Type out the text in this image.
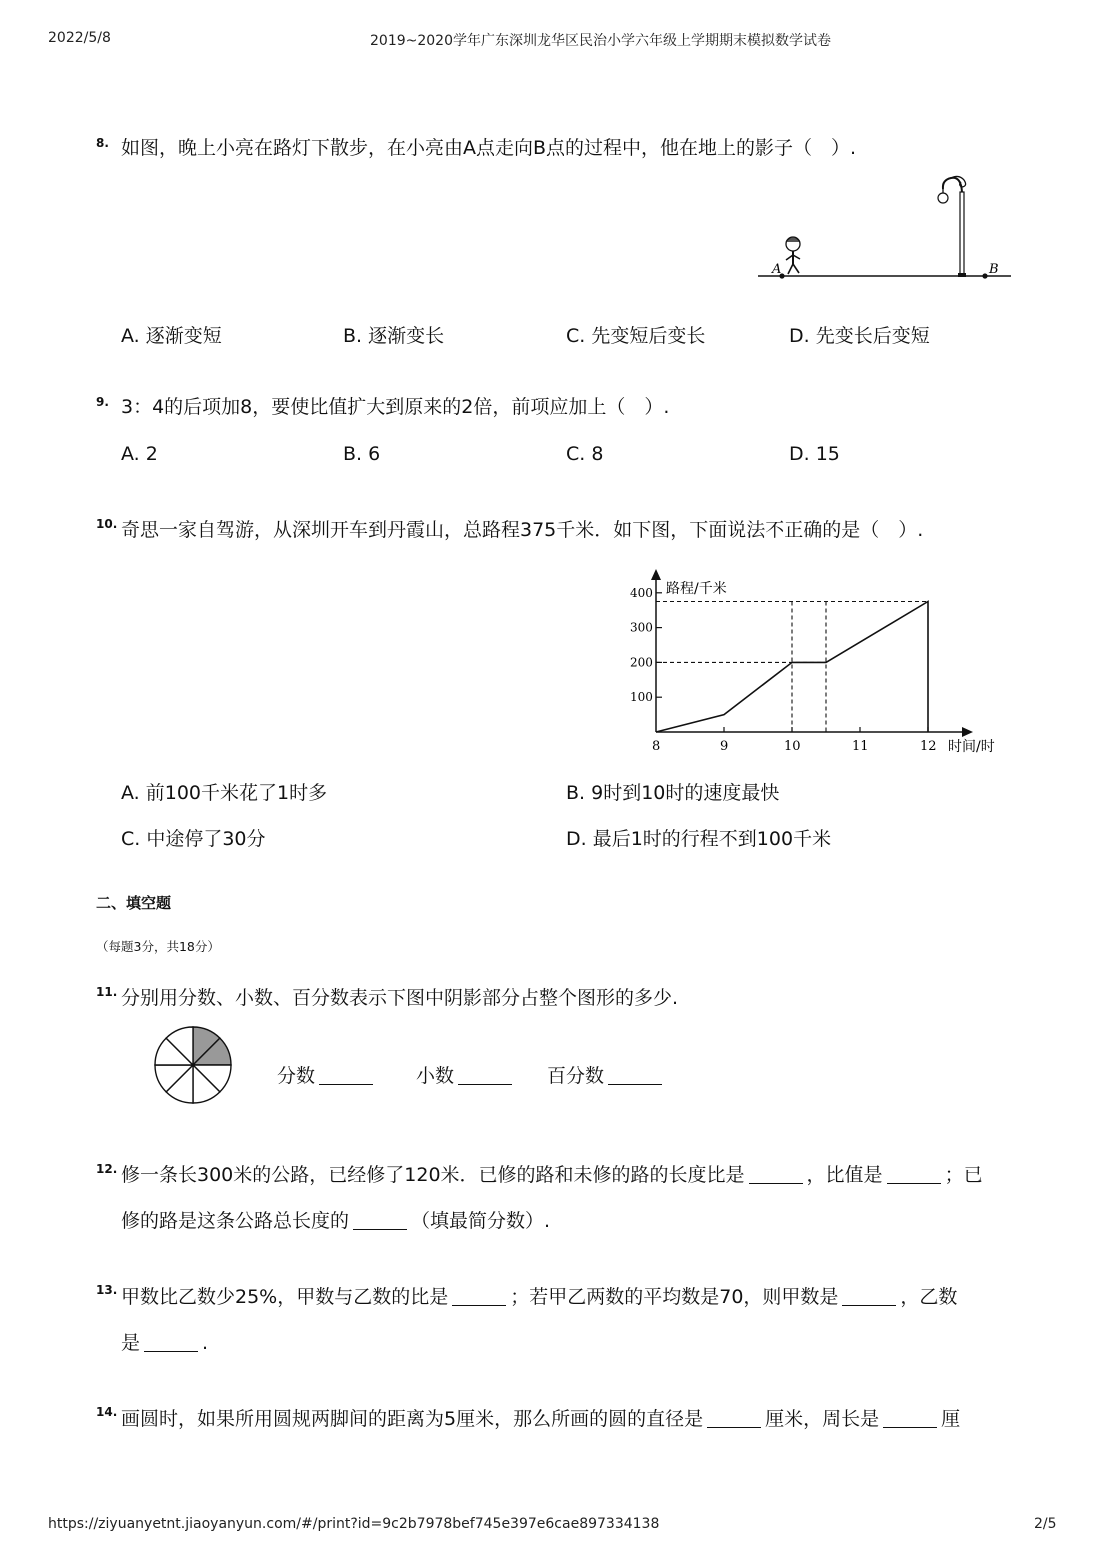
2022/5/8	2019~2020学年广东深圳龙华区民治小学六年级上学期期末模拟数学试卷
8. 如图，晚上小亮在路灯下散步，在小亮由A点走向B点的过程中，他在地上的影子（　）.
A	B
A. 逐渐变短	B. 逐渐变长	C. 先变短后变长	D. 先变长后变短
9. 3：4的后项加8，要使比值扩大到原来的2倍，前项应加上（　）.
A. 2	B. 6	C. 8	D. 15
10. 奇思一家自驾游，从深圳开车到丹霞山，总路程375千米．如下图，下面说法不正确的是（　）.
8	9	10	11	12
100
200
300
400 路程/千米
时间/时
A. 前100千米花了1时多	B. 9时到10时的速度最快
C. 中途停了30分	D. 最后1时的行程不到100千米
二、填空题
（每题3分，共18分）
11. 分别用分数、小数、百分数表示下图中阴影部分占整个图形的多少.
分数	小数	百分数
12. 修一条长300米的公路，已经修了120米．已修的路和未修的路的长度比是	，比值是	；已
修的路是这条公路总长度的	（填最简分数）.
13. 甲数比乙数少25%，甲数与乙数的比是	；若甲乙两数的平均数是70，则甲数是	，乙数
是	.
14. 画圆时，如果所用圆规两脚间的距离为5厘米，那么所画的圆的直径是	厘米，周长是	厘
https://ziyuanyetnt.jiaoyanyun.com/#/print?id=9c2b7978bef745e397e6cae897334138	2/5
